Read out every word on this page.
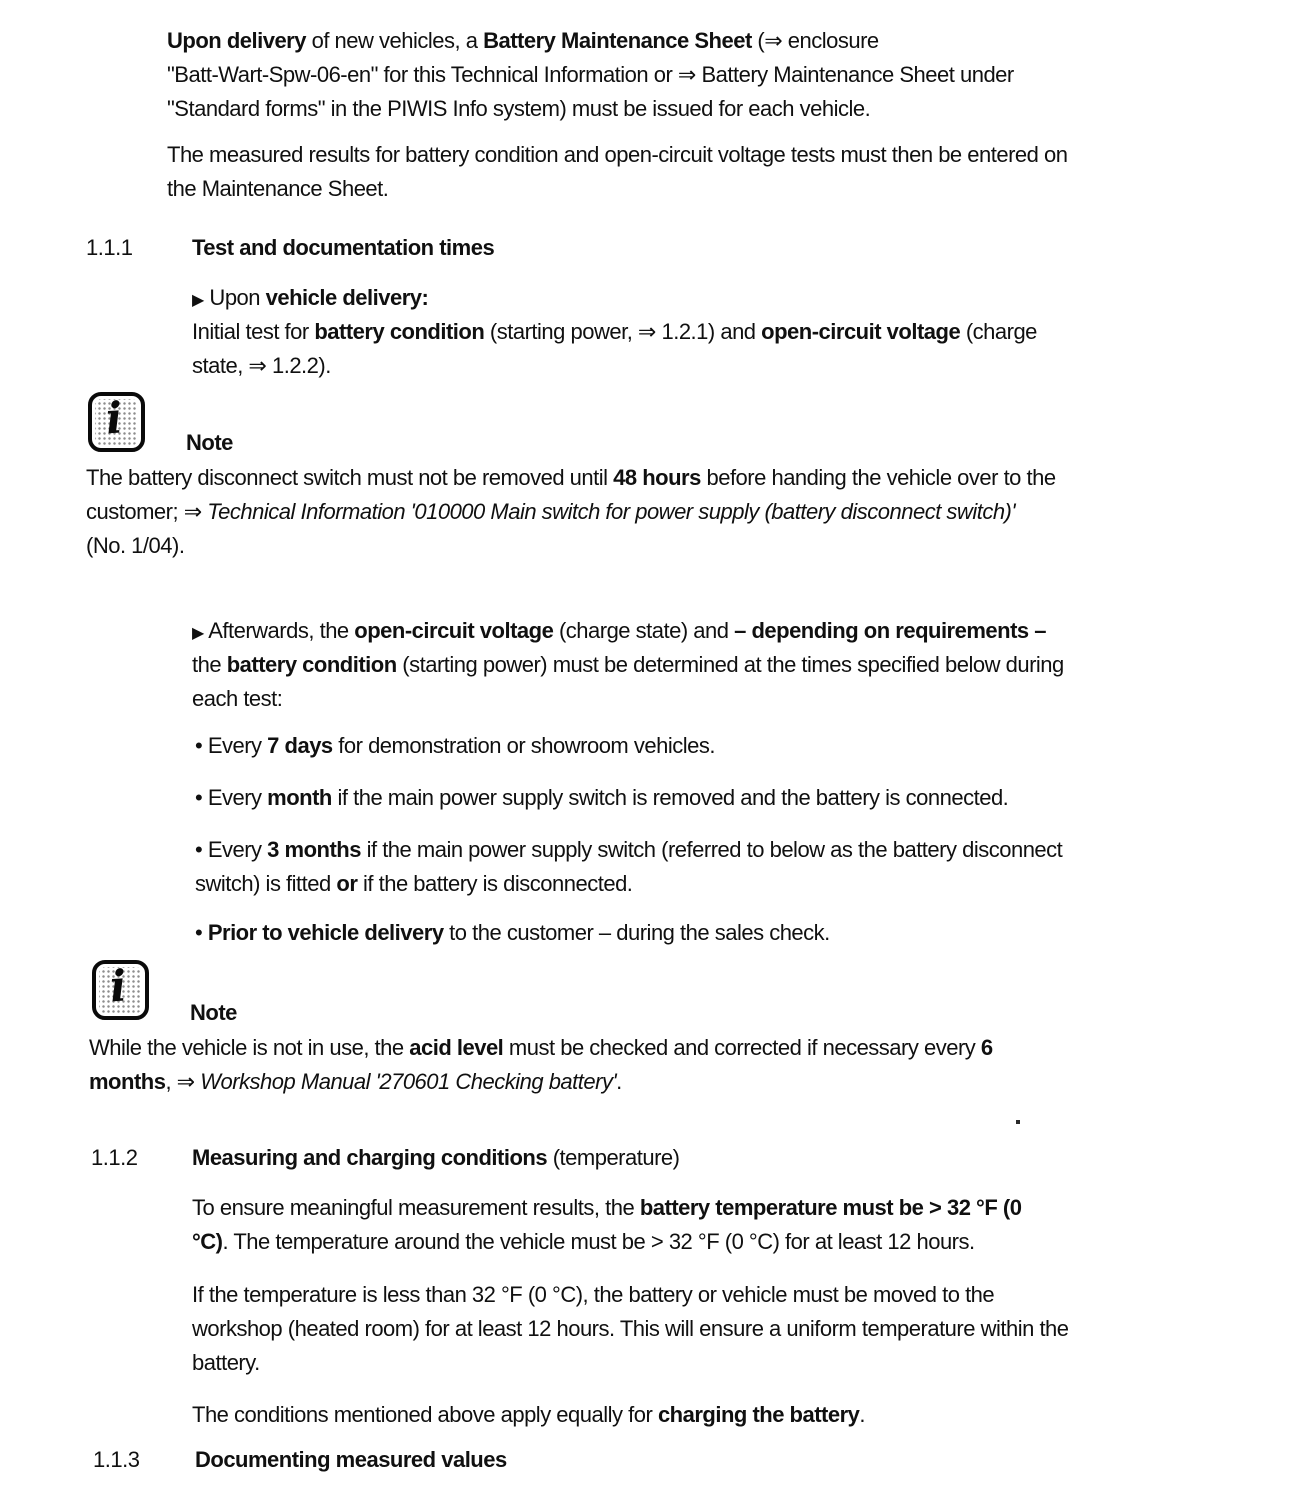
Upon delivery of new vehicles, a Battery Maintenance Sheet (⇒ enclosure
"Batt-Wart-Spw-06-en" for this Technical Information or ⇒ Battery Maintenance Sheet under
"Standard forms" in the PIWIS Info system) must be issued for each vehicle.
The measured results for battery condition and open-circuit voltage tests must then be entered on
the Maintenance Sheet.
1.1.1	Test and documentation times
▶ Upon vehicle delivery:
Initial test for battery condition (starting power, ⇒ 1.2.1) and open-circuit voltage (charge
state, ⇒ 1.2.2).
i	Note
The battery disconnect switch must not be removed until 48 hours before handing the vehicle over to the
customer; ⇒ Technical Information '010000 Main switch for power supply (battery disconnect switch)'
(No. 1/04).
▶ Afterwards, the open-circuit voltage (charge state) and – depending on requirements –
the battery condition (starting power) must be determined at the times specified below during
each test:
• Every 7 days for demonstration or showroom vehicles.
• Every month if the main power supply switch is removed and the battery is connected.
• Every 3 months if the main power supply switch (referred to below as the battery disconnect
switch) is fitted or if the battery is disconnected.
• Prior to vehicle delivery to the customer – during the sales check.
i
Note
While the vehicle is not in use, the acid level must be checked and corrected if necessary every 6
months, ⇒ Workshop Manual '270601 Checking battery'.
1.1.2 Measuring and charging conditions (temperature)
To ensure meaningful measurement results, the battery temperature must be > 32 °F (0
°C). The temperature around the vehicle must be > 32 °F (0 °C) for at least 12 hours.
If the temperature is less than 32 °F (0 °C), the battery or vehicle must be moved to the
workshop (heated room) for at least 12 hours. This will ensure a uniform temperature within the
battery.
The conditions mentioned above apply equally for charging the battery.
1.1.3	Documenting measured values
